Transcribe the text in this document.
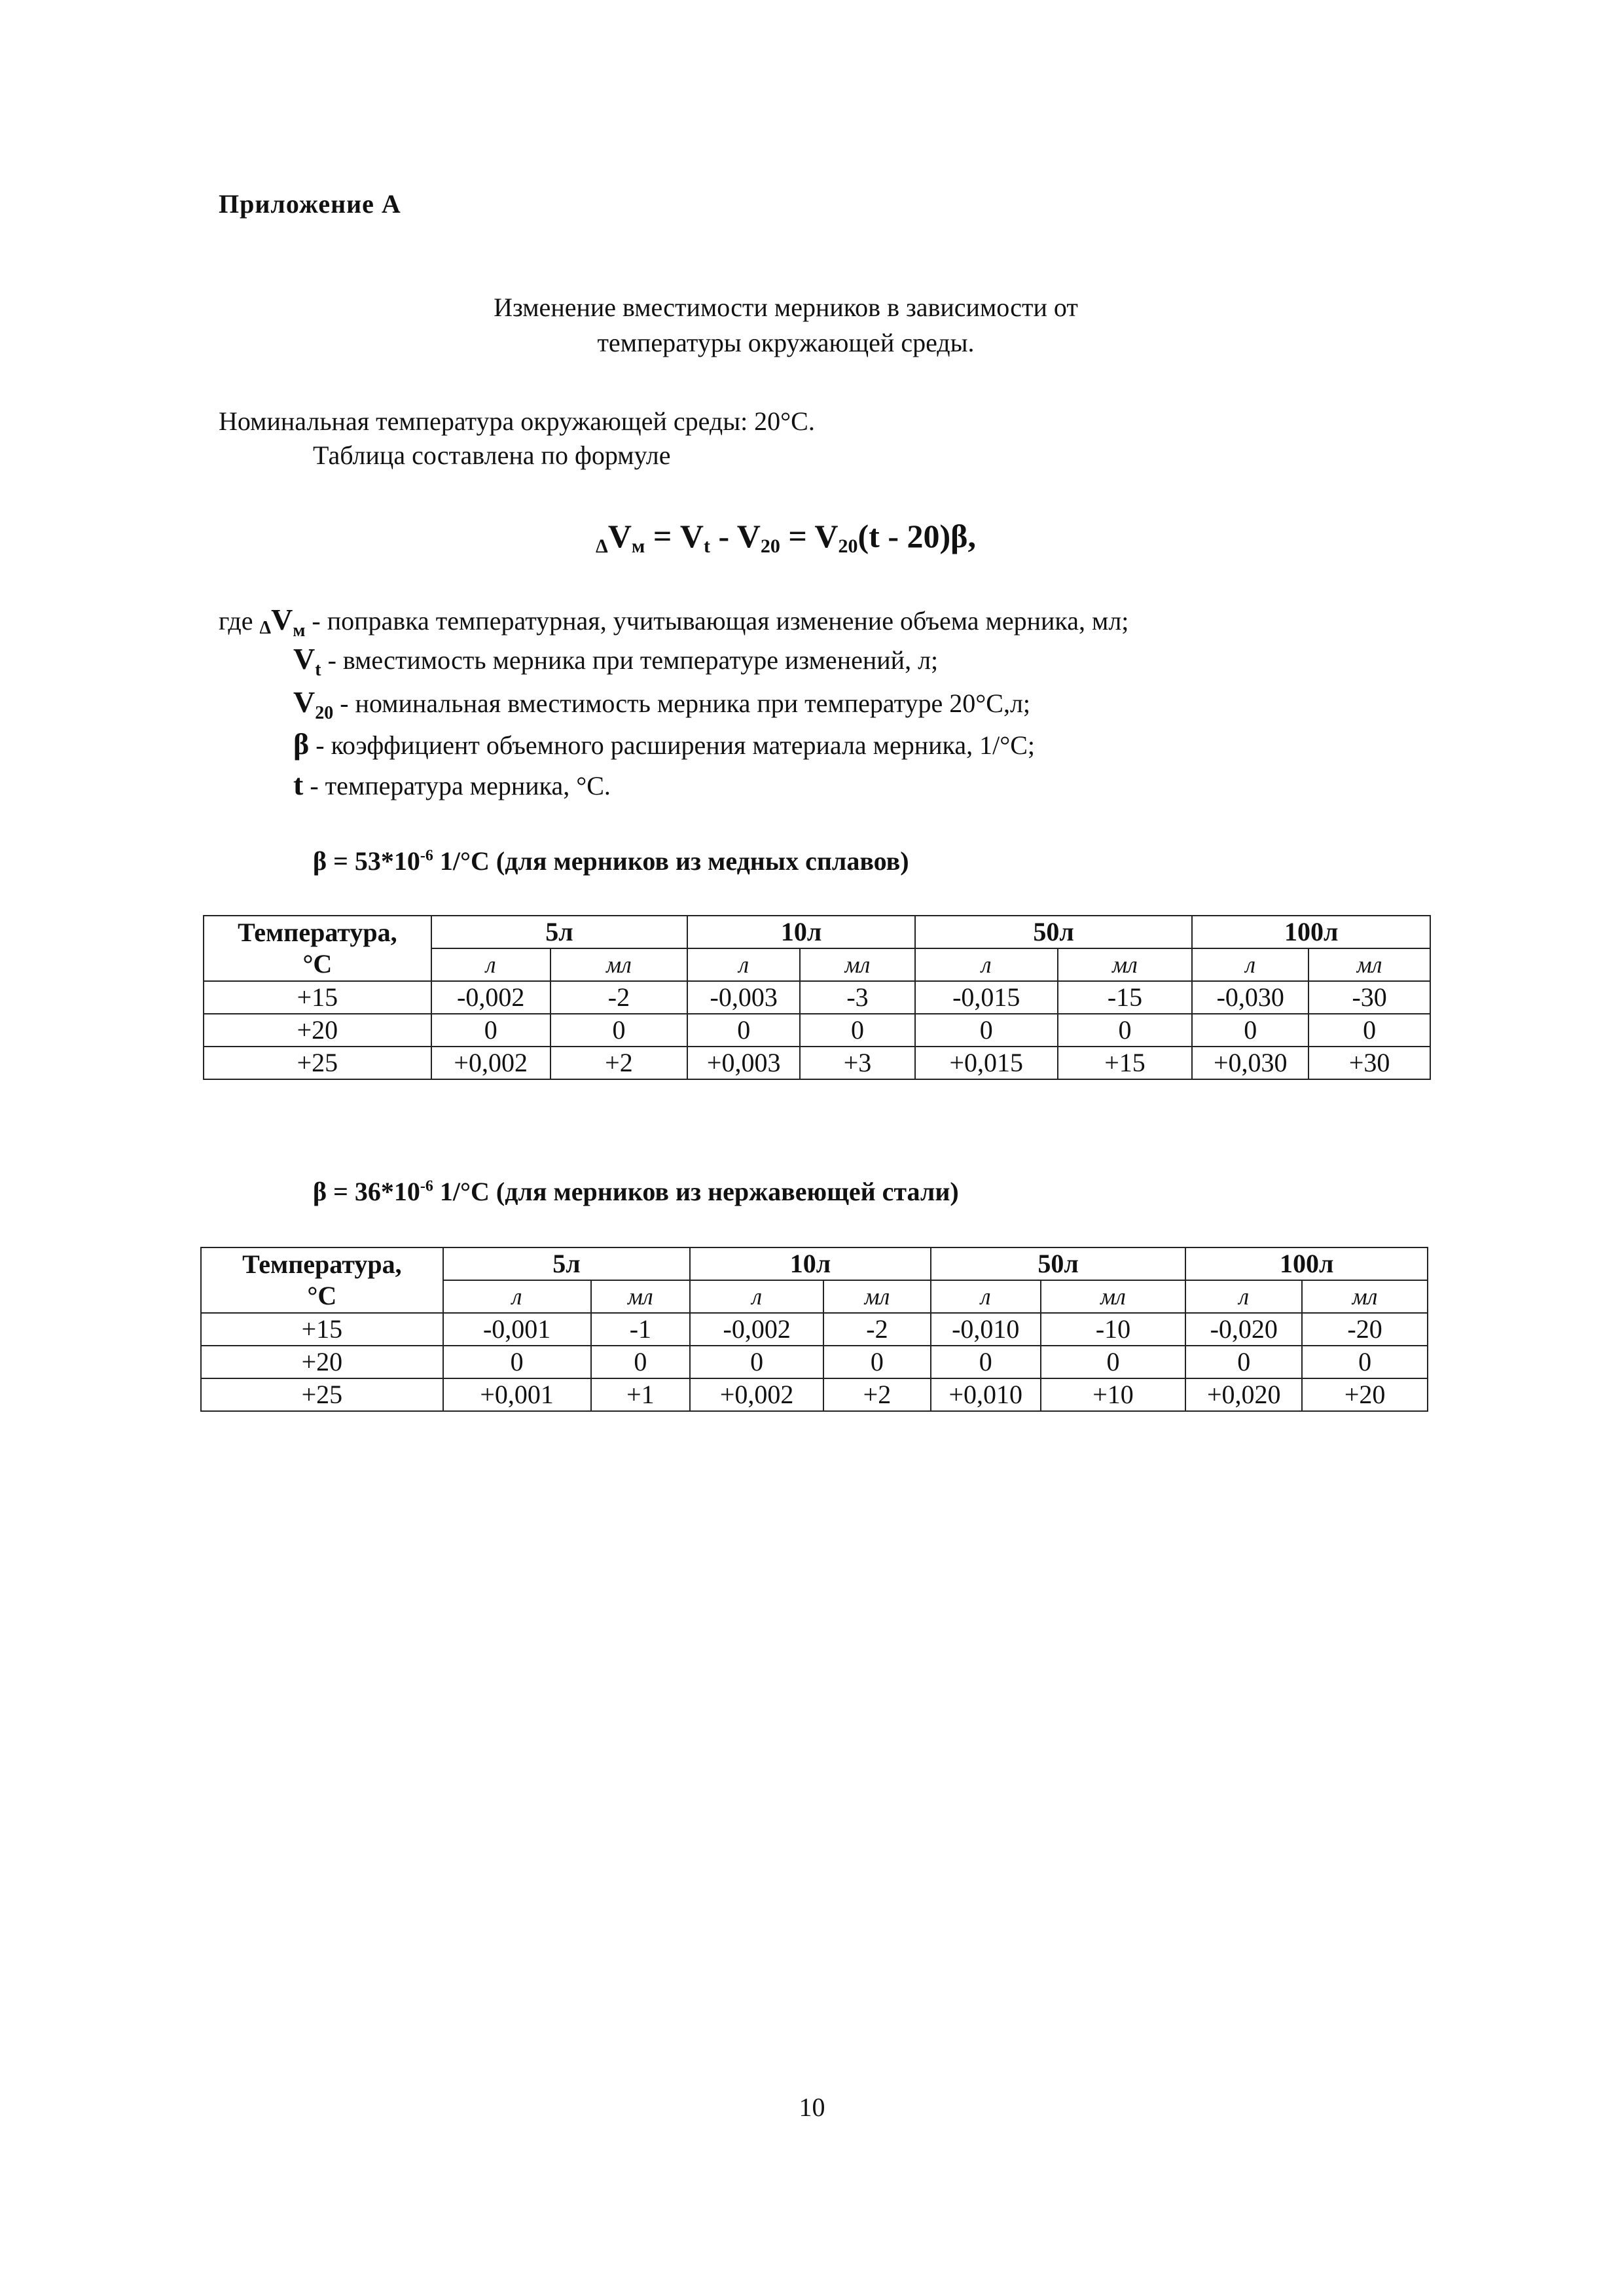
Приложение А
Изменение вместимости мерников в зависимости от
температуры окружающей среды.
Номинальная температура окружающей среды: 20°С.
Таблица составлена по формуле
$\Delta V_м = V_t - V_{20} = V_{20}(t - 20)\beta$,
где $\Delta V_м$ - поправка температурная, учитывающая изменение объема мерника, мл;
$V_t$ - вместимость мерника при температуре изменений, л;
$V_{20}$ - номинальная вместимость мерника при температуре 20°С,л;
β - коэффициент объемного расширения материала мерника, 1/°С;
t - температура мерника, °С.
$\beta = 53*10^{-6}$ 1/°С (для мерников из медных сплавов)
Температура,
°С	5л		10л		50л		100л	
	л	мл	л	мл	л	мл	л	мл
+15	-0,002	-2	-0,003	-3	-0,015	-15	-0,030	-30
+20	0	0	0	0	0	0	0	0
+25	+0,002	+2	+0,003	+3	+0,015	+15	+0,030	+30
$\beta = 36*10^{-6}$ 1/°С (для мерников из нержавеющей стали)
Температура,
°С	5л		10л		50л		100л	
	л	мл	л	мл	л	мл	л	мл
+15	-0,001	-1	-0,002	-2	-0,010	-10	-0,020	-20
+20	0	0	0	0	0	0	0	0
+25	+0,001	+1	+0,002	+2	+0,010	+10	+0,020	+20
10
